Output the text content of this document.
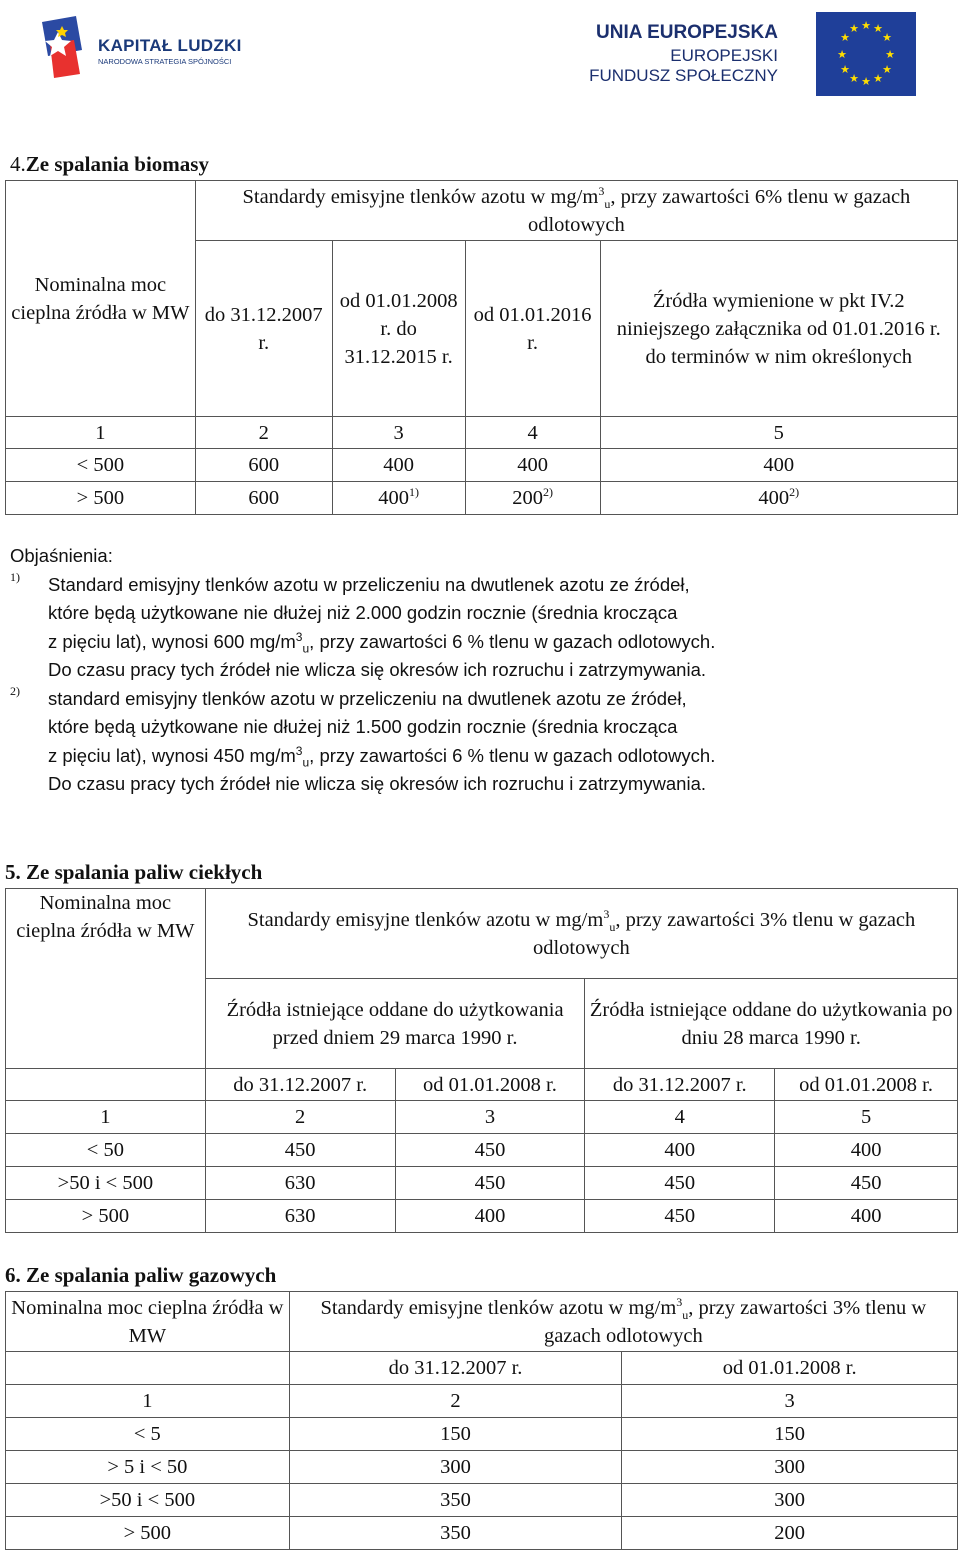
KAPITAŁ LUDZKI
NARODOWA STRATEGIA SPÓJNOŚCI
UNIA EUROPEJSKA
EUROPEJSKI
FUNDUSZ SPOŁECZNY
★ ★
★
★
★
★
★
★
★
★
★
★
4.Ze spalania biomasy
Nominalna moc cieplna źródła w MW	Standardy emisyjne tlenków azotu w $mg/m^3_u$, przy zawartości 6% tlenu w gazach odlotowych			
	do 31.12.2007 r.	od 01.01.2008 r. do 31.12.2015 r.	od 01.01.2016 r.	Źródła wymienione w pkt IV.2 niniejszego załącznika od 01.01.2016 r. do terminów w nim określonych
1	2	3	4	5
< 500	600	400	400	400
> 500	600	400$^{1)}$	200$^{2)}$	400$^{2)}$
Objaśnienia:
1) Standard emisyjny tlenków azotu w przeliczeniu na dwutlenek azotu ze źródeł,
które będą użytkowane nie dłużej niż 2.000 godzin rocznie (średnia krocząca
z pięciu lat), wynosi 600 $mg/m^3_u$, przy zawartości 6 % tlenu w gazach odlotowych.
Do czasu pracy tych źródeł nie wlicza się okresów ich rozruchu i zatrzymywania.
2) standard emisyjny tlenków azotu w przeliczeniu na dwutlenek azotu ze źródeł,
które będą użytkowane nie dłużej niż 1.500 godzin rocznie (średnia krocząca
z pięciu lat), wynosi 450 $mg/m^3_u$, przy zawartości 6 % tlenu w gazach odlotowych.
Do czasu pracy tych źródeł nie wlicza się okresów ich rozruchu i zatrzymywania.
5. Ze spalania paliw ciekłych
Nominalna moc cieplna źródła w MW	Standardy emisyjne tlenków azotu w $mg/m^3_u$, przy zawartości 3% tlenu w gazach odlotowych			
	Źródła istniejące oddane do użytkowania przed dniem 29 marca 1990 r.		Źródła istniejące oddane do użytkowania po dniu 28 marca 1990 r.	
	do 31.12.2007 r.	od 01.01.2008 r.	do 31.12.2007 r.	od 01.01.2008 r.
1	2	3	4	5
< 50	450	450	400	400
>50 i < 500	630	450	450	450
> 500	630	400	450	400
6. Ze spalania paliw gazowych
Nominalna moc cieplna źródła w MW	Standardy emisyjne tlenków azotu w $mg/m^3_u$, przy zawartości 3% tlenu w gazach odlotowych	
	do 31.12.2007 r.	od 01.01.2008 r.
1	2	3
< 5	150	150
> 5 i < 50	300	300
>50 i < 500	350	300
> 500	350	200
